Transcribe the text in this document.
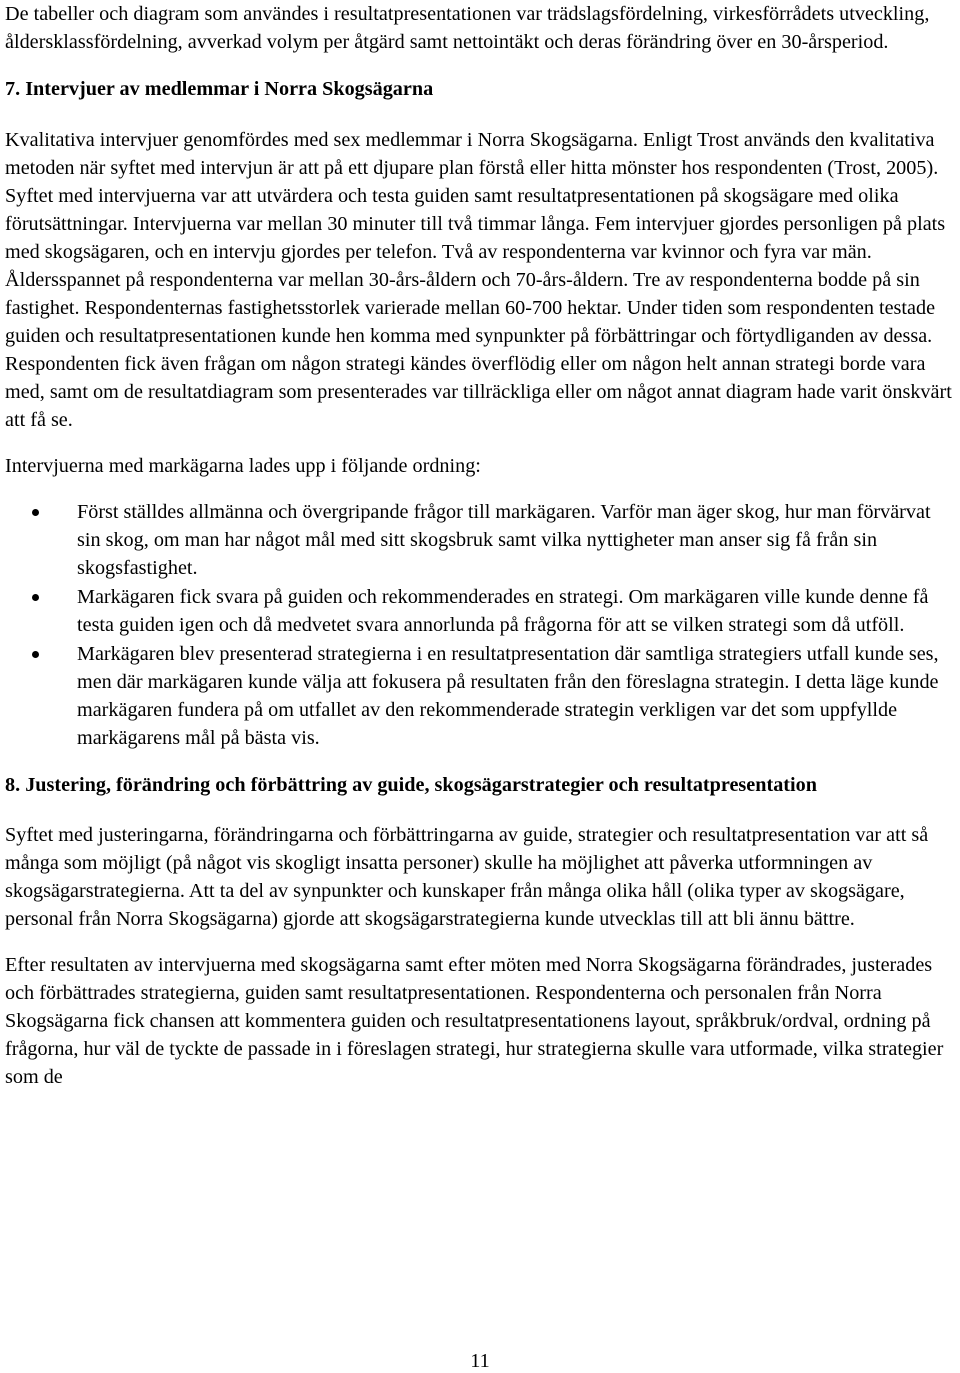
De tabeller och diagram som användes i resultatpresentationen var trädslagsfördelning, virkesförrådets utveckling, åldersklassfördelning, avverkad volym per åtgärd samt nettointäkt och deras förändring över en 30-årsperiod.

7. Intervjuer av medlemmar i Norra Skogsägarna

Kvalitativa intervjuer genomfördes med sex medlemmar i Norra Skogsägarna. Enligt Trost används den kvalitativa metoden när syftet med intervjun är att på ett djupare plan förstå eller hitta mönster hos respondenten (Trost, 2005). Syftet med intervjuerna var att utvärdera och testa guiden samt resultatpresentationen på skogsägare med olika förutsättningar. Intervjuerna var mellan 30 minuter till två timmar långa. Fem intervjuer gjordes personligen på plats med skogsägaren, och en intervju gjordes per telefon. Två av respondenterna var kvinnor och fyra var män. Åldersspannet på respondenterna var mellan 30-års-åldern och 70-års-åldern. Tre av respondenterna bodde på sin fastighet. Respondenternas fastighetsstorlek varierade mellan 60-700 hektar. Under tiden som respondenten testade guiden och resultatpresentationen kunde hen komma med synpunkter på förbättringar och förtydliganden av dessa. Respondenten fick även frågan om någon strategi kändes överflödig eller om någon helt annan strategi borde vara med, samt om de resultatdiagram som presenterades var tillräckliga eller om något annat diagram hade varit önskvärt att få se.

Intervjuerna med markägarna lades upp i följande ordning:

Först ställdes allmänna och övergripande frågor till markägaren. Varför man äger skog, hur man förvärvat sin skog, om man har något mål med sitt skogsbruk samt vilka nyttigheter man anser sig få från sin skogsfastighet.
Markägaren fick svara på guiden och rekommenderades en strategi. Om markägaren ville kunde denne få testa guiden igen och då medvetet svara annorlunda på frågorna för att se vilken strategi som då utföll.
Markägaren blev presenterad strategierna i en resultatpresentation där samtliga strategiers utfall kunde ses, men där markägaren kunde välja att fokusera på resultaten från den föreslagna strategin. I detta läge kunde markägaren fundera på om utfallet av den rekommenderade strategin verkligen var det som uppfyllde markägarens mål på bästa vis.
8. Justering, förändring och förbättring av guide, skogsägarstrategier och resultatpresentation

Syftet med justeringarna, förändringarna och förbättringarna av guide, strategier och resultatpresentation var att så många som möjligt (på något vis skogligt insatta personer) skulle ha möjlighet att påverka utformningen av skogsägarstrategierna. Att ta del av synpunkter och kunskaper från många olika håll (olika typer av skogsägare, personal från Norra Skogsägarna) gjorde att skogsägarstrategierna kunde utvecklas till att bli ännu bättre.

Efter resultaten av intervjuerna med skogsägarna samt efter möten med Norra Skogsägarna förändrades, justerades och förbättrades strategierna, guiden samt resultatpresentationen. Respondenterna och personalen från Norra Skogsägarna fick chansen att kommentera guiden och resultatpresentationens layout, språkbruk/ordval, ordning på frågorna, hur väl de tyckte de passade in i föreslagen strategi, hur strategierna skulle vara utformade, vilka strategier som de

11
